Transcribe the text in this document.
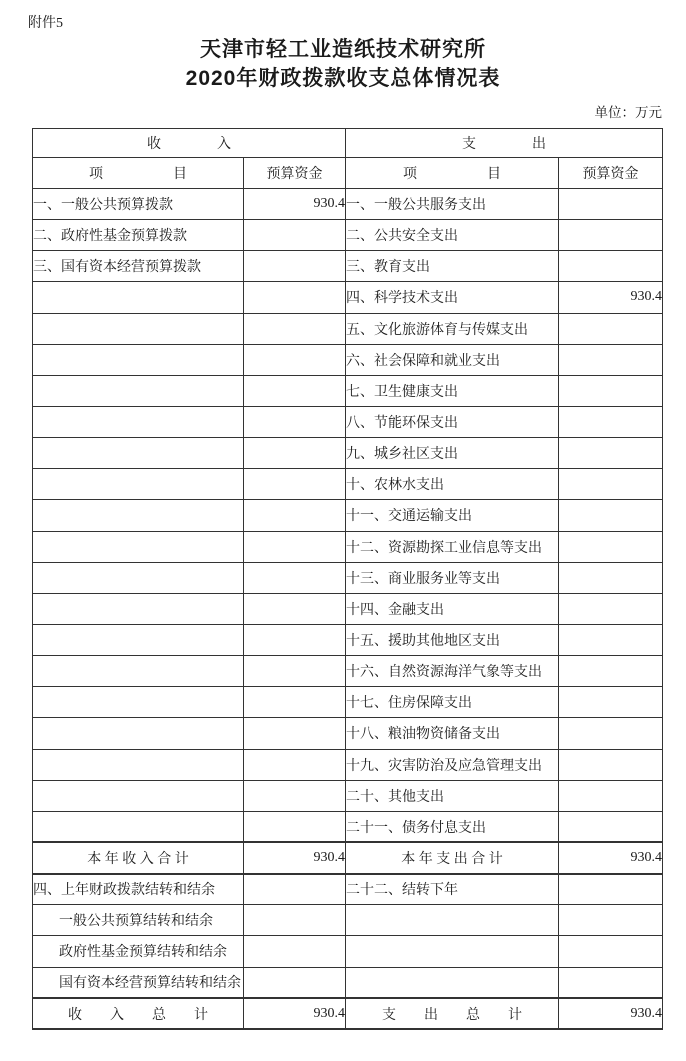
附件5
天津市轻工业造纸技术研究所
2020年财政拨款收支总体情况表
单位：万元
收　　　　入		支　　　　出	
项　　　　　目	预算资金	项　　　　　目	预算资金
一、一般公共预算拨款	930.4	一、一般公共服务支出	
二、政府性基金预算拨款		二、公共安全支出	
三、国有资本经营预算拨款		三、教育支出	
		四、科学技术支出	930.4
		五、文化旅游体育与传媒支出	
		六、社会保障和就业支出	
		七、卫生健康支出	
		八、节能环保支出	
		九、城乡社区支出	
		十、农林水支出	
		十一、交通运输支出	
		十二、资源勘探工业信息等支出	
		十三、商业服务业等支出	
		十四、金融支出	
		十五、援助其他地区支出	
		十六、自然资源海洋气象等支出	
		十七、住房保障支出	
		十八、粮油物资储备支出	
		十九、灾害防治及应急管理支出	
		二十、其他支出	
		二十一、债务付息支出	
本 年 收 入 合 计	930.4	本 年 支 出 合 计	930.4
四、上年财政拨款结转和结余		二十二、结转下年	
一般公共预算结转和结余			
政府性基金预算结转和结余			
国有资本经营预算结转和结余			
收　　入　　总　　计	930.4	支　　出　　总　　计	930.4
